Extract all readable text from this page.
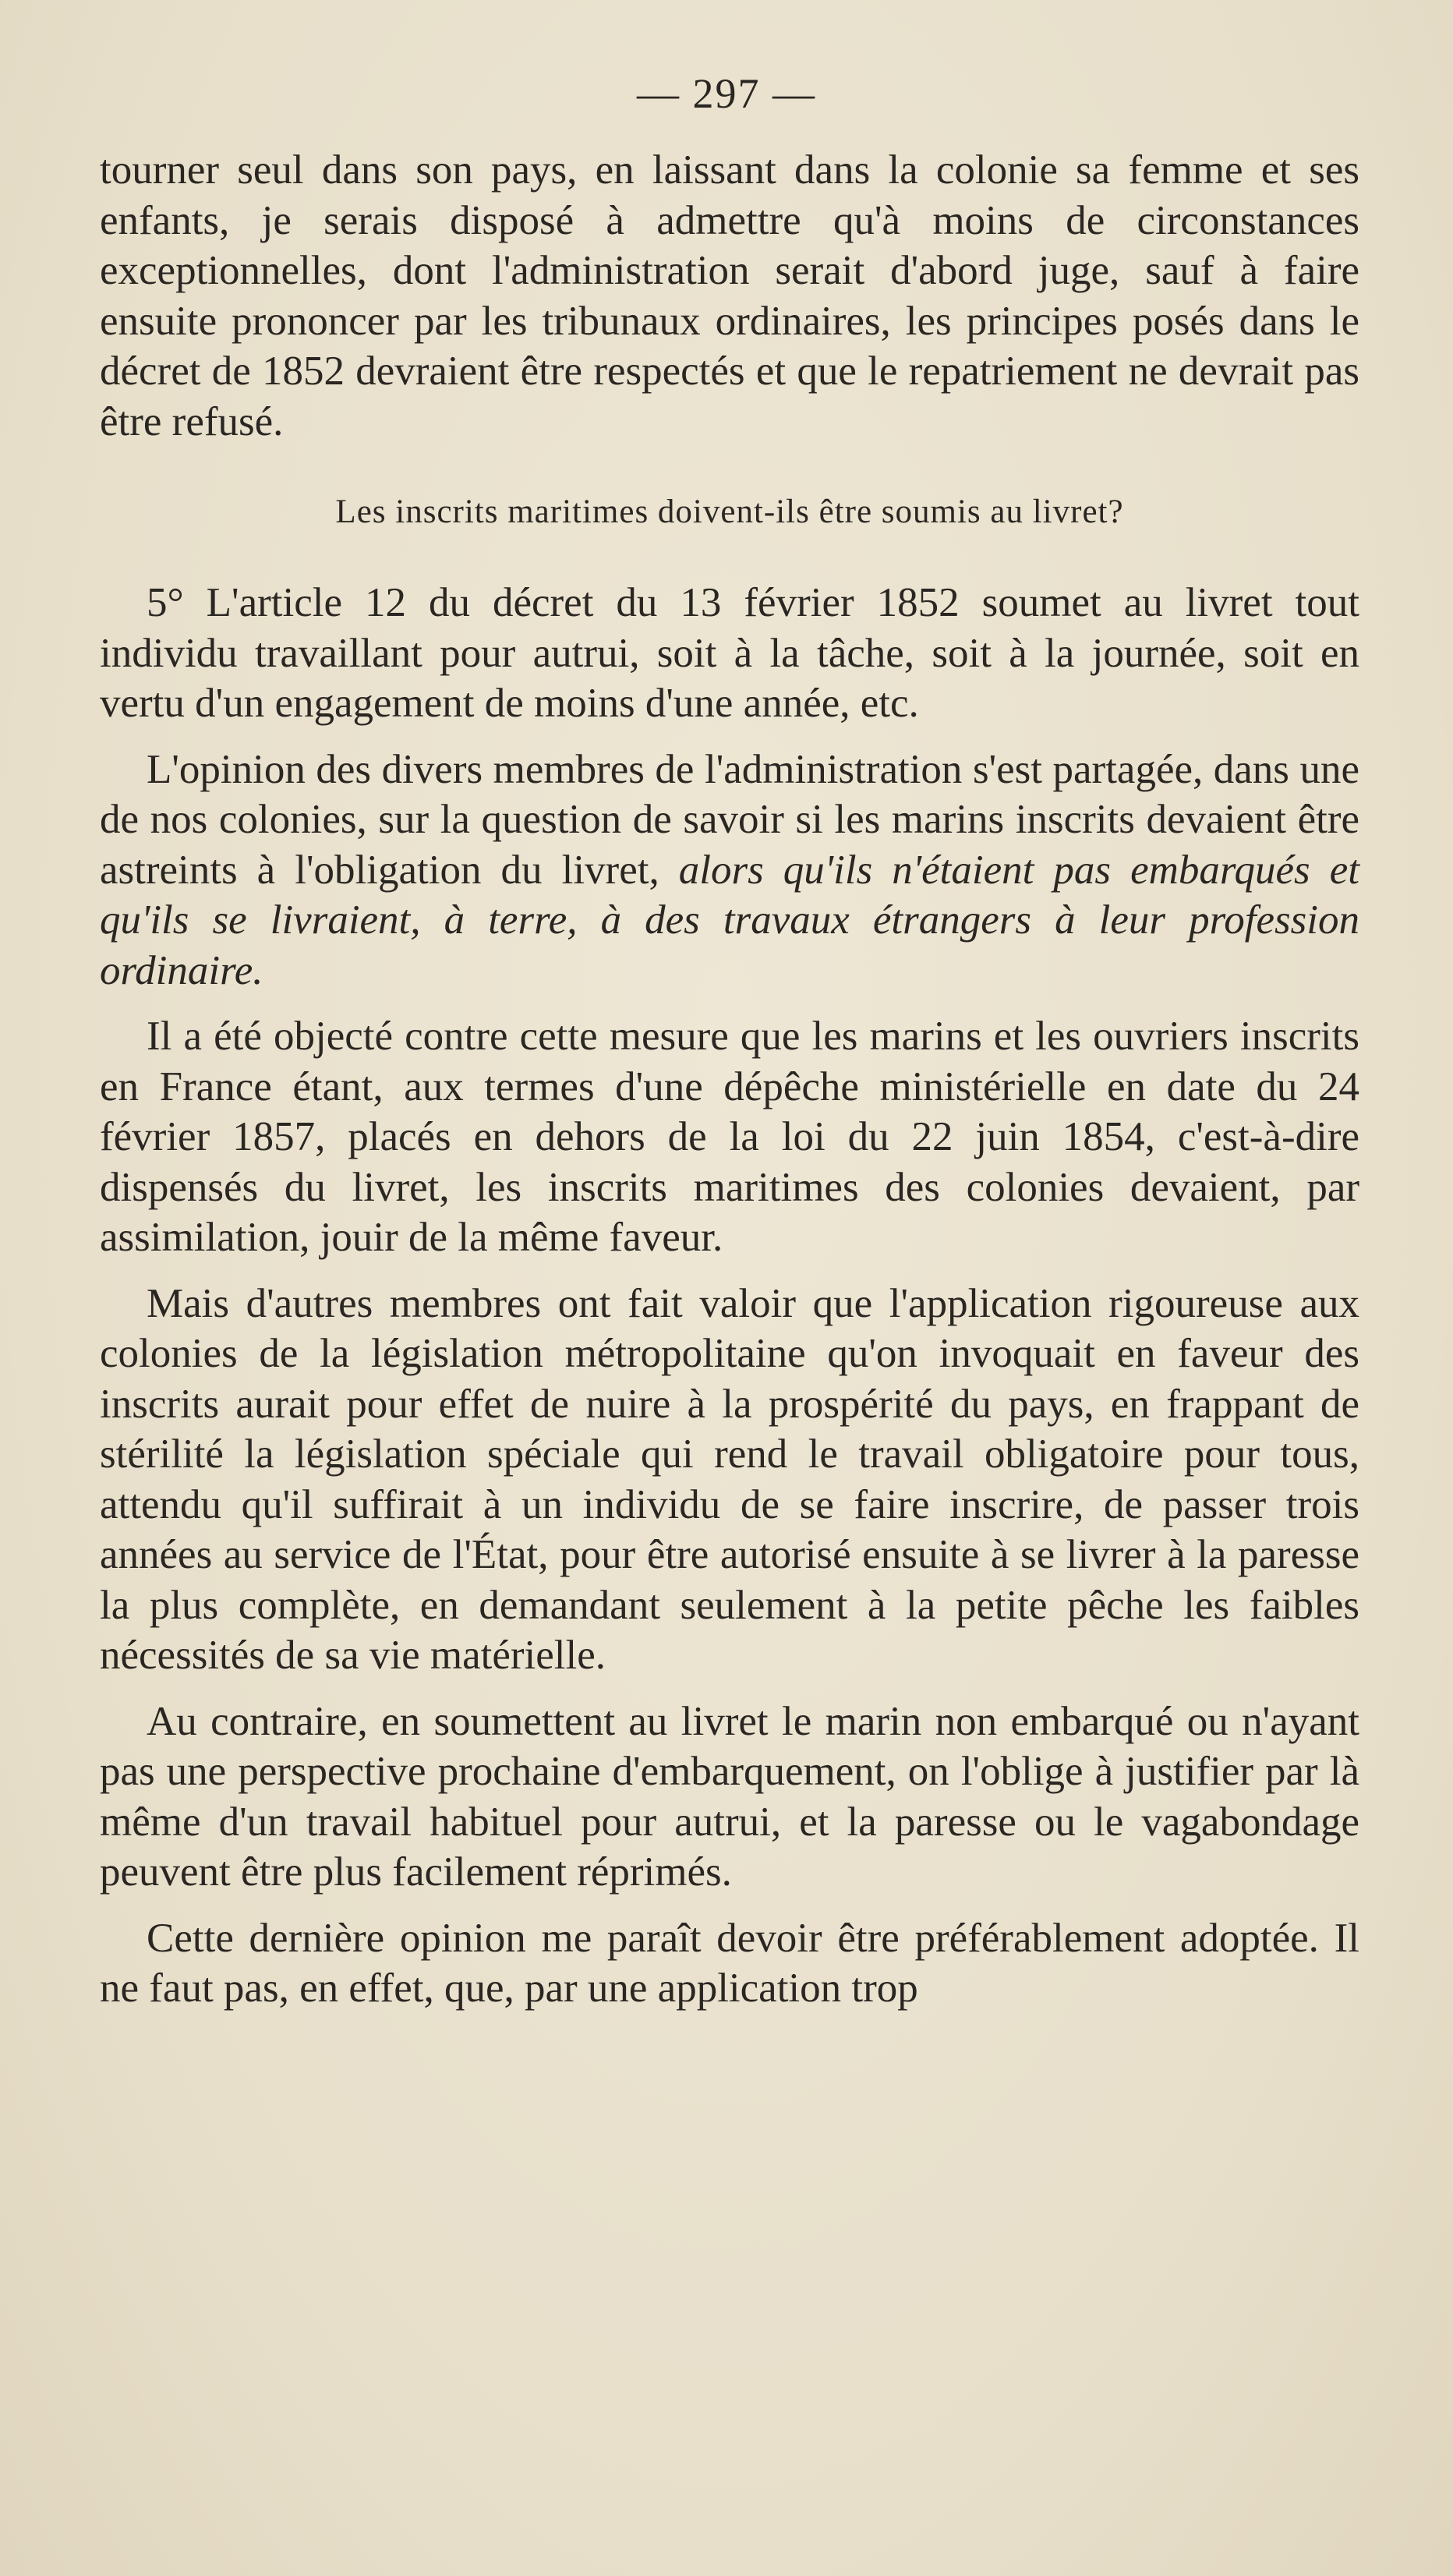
— 297 —

tourner seul dans son pays, en laissant dans la colonie sa femme et ses enfants, je serais disposé à admettre qu'à moins de circonstances exceptionnelles, dont l'administration serait d'abord juge, sauf à faire ensuite prononcer par les tribunaux ordinaires, les principes posés dans le décret de 1852 devraient être respectés et que le repatriement ne devrait pas être refusé.

Les inscrits maritimes doivent-ils être soumis au livret?

5° L'article 12 du décret du 13 février 1852 soumet au livret tout individu travaillant pour autrui, soit à la tâche, soit à la journée, soit en vertu d'un engagement de moins d'une année, etc.

L'opinion des divers membres de l'administration s'est partagée, dans une de nos colonies, sur la question de savoir si les marins inscrits devaient être astreints à l'obligation du livret, alors qu'ils n'étaient pas embarqués et qu'ils se livraient, à terre, à des travaux étrangers à leur profession ordinaire.

Il a été objecté contre cette mesure que les marins et les ouvriers inscrits en France étant, aux termes d'une dépêche ministérielle en date du 24 février 1857, placés en dehors de la loi du 22 juin 1854, c'est-à-dire dispensés du livret, les inscrits maritimes des colonies devaient, par assimilation, jouir de la même faveur.

Mais d'autres membres ont fait valoir que l'application rigoureuse aux colonies de la législation métropolitaine qu'on invoquait en faveur des inscrits aurait pour effet de nuire à la prospérité du pays, en frappant de stérilité la législation spéciale qui rend le travail obligatoire pour tous, attendu qu'il suffirait à un individu de se faire inscrire, de passer trois années au service de l'État, pour être autorisé ensuite à se livrer à la paresse la plus complète, en demandant seulement à la petite pêche les faibles nécessités de sa vie matérielle.

Au contraire, en soumettent au livret le marin non embarqué ou n'ayant pas une perspective prochaine d'embarquement, on l'oblige à justifier par là même d'un travail habituel pour autrui, et la paresse ou le vagabondage peuvent être plus facilement réprimés.

Cette dernière opinion me paraît devoir être préférablement adoptée. Il ne faut pas, en effet, que, par une application trop
